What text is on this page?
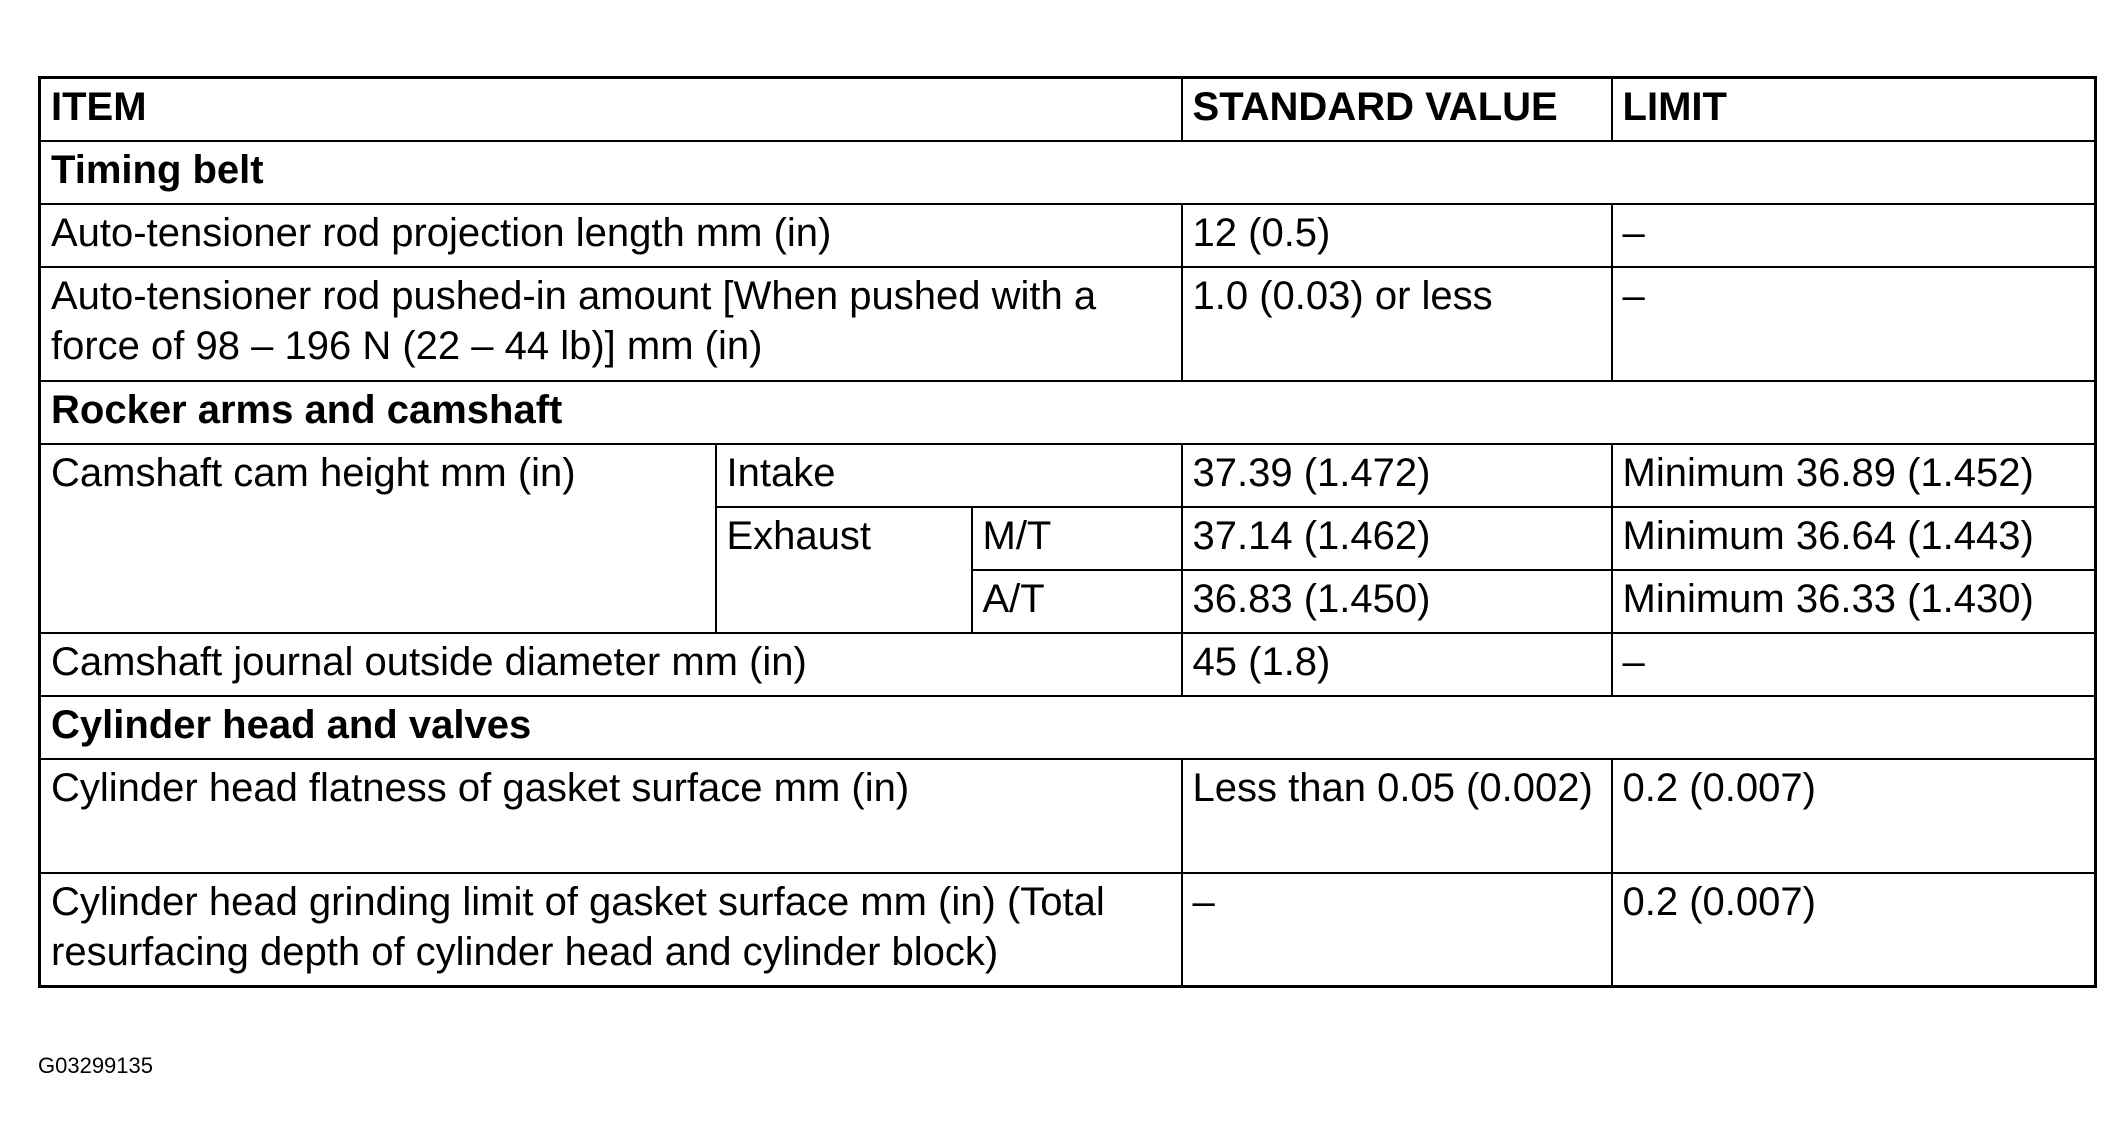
ITEM			STANDARD VALUE	LIMIT
Timing belt				
Auto-tensioner rod projection length mm (in)			12 (0.5)	–
Auto-tensioner rod pushed-in amount [When pushed with a force of 98 – 196 N (22 – 44 lb)] mm (in)			1.0 (0.03) or less	–
Rocker arms and camshaft				
Camshaft cam height mm (in)	Intake		37.39 (1.472)	Minimum 36.89 (1.452)
	Exhaust	M/T	37.14 (1.462)	Minimum 36.64 (1.443)
		A/T	36.83 (1.450)	Minimum 36.33 (1.430)
Camshaft journal outside diameter mm (in)			45 (1.8)	–
Cylinder head and valves				
Cylinder head flatness of gasket surface mm (in)			Less than 0.05 (0.002)	0.2 (0.007)
Cylinder head grinding limit of gasket surface mm (in) (Total resurfacing depth of cylinder head and cylinder block)			–	0.2 (0.007)
G03299135
